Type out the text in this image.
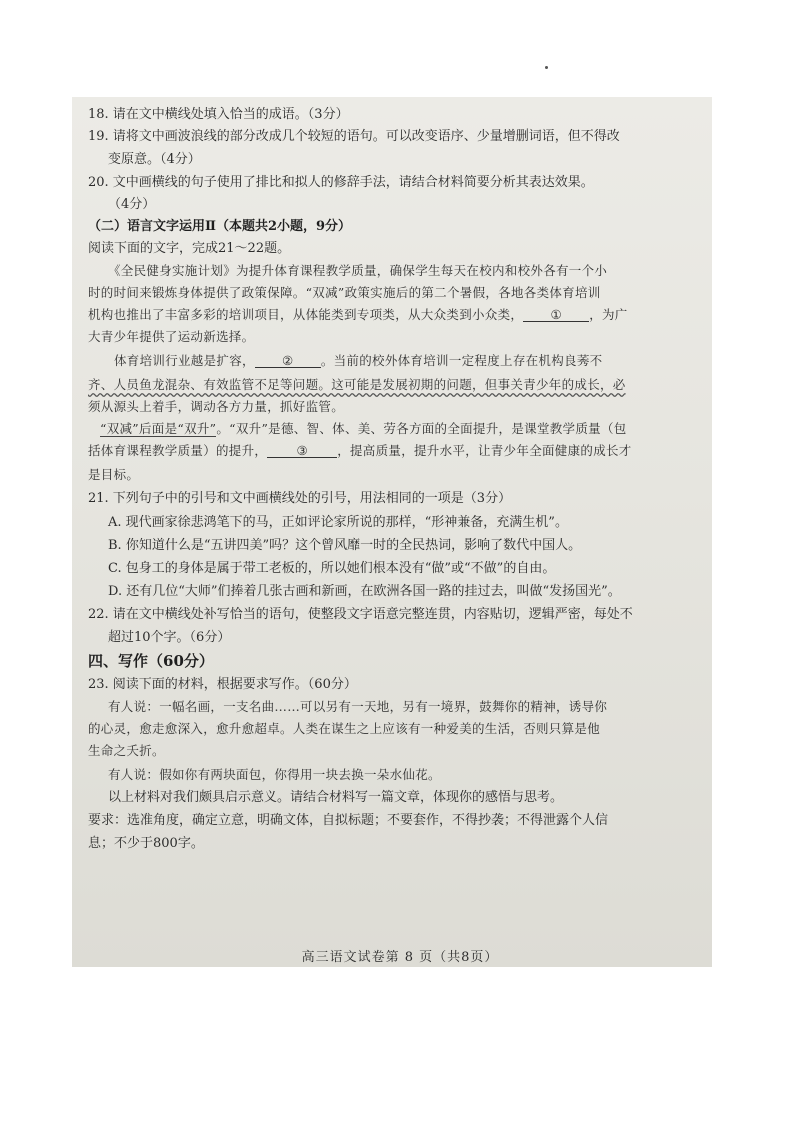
18. 请在文中横线处填入恰当的成语。（3分）
19. 请将文中画波浪线的部分改成几个较短的语句。可以改变语序、少量增删词语，但不得改
变原意。（4分）
20. 文中画横线的句子使用了排比和拟人的修辞手法，请结合材料简要分析其表达效果。
（4分）
（二）语言文字运用Ⅱ（本题共2小题，9分）
阅读下面的文字，完成21～22题。
《全民健身实施计划》为提升体育课程教学质量，确保学生每天在校内和校外各有一个小
时的时间来锻炼身体提供了政策保障。“双减”政策实施后的第二个暑假，各地各类体育培训
机构也推出了丰富多彩的培训项目，从体能类到专项类，从大众类到小众类， ① ，为广
大青少年提供了运动新选择。
体育培训行业越是扩容， ② 。当前的校外体育培训一定程度上存在机构良莠不
齐、人员鱼龙混杂、有效监管不足等问题。这可能是发展初期的问题，但事关青少年的成长，必
须从源头上着手，调动各方力量，抓好监管。
“双减”后面是“双升”。“双升”是德、智、体、美、劳各方面的全面提升，是课堂教学质量（包
括体育课程教学质量）的提升， ③ ，提高质量，提升水平，让青少年全面健康的成长才
是目标。
21. 下列句子中的引号和文中画横线处的引号，用法相同的一项是（3分）
A. 现代画家徐悲鸿笔下的马，正如评论家所说的那样，“形神兼备，充满生机”。
B. 你知道什么是“五讲四美”吗？这个曾风靡一时的全民热词，影响了数代中国人。
C. 包身工的身体是属于带工老板的，所以她们根本没有“做”或“不做”的自由。
D. 还有几位“大师”们捧着几张古画和新画，在欧洲各国一路的挂过去，叫做“发扬国光”。
22. 请在文中横线处补写恰当的语句，使整段文字语意完整连贯，内容贴切，逻辑严密，每处不
超过10个字。（6分）
四、写作（60分）
23. 阅读下面的材料，根据要求写作。（60分）
有人说：一幅名画，一支名曲……可以另有一天地，另有一境界，鼓舞你的精神，诱导你
的心灵，愈走愈深入，愈升愈超卓。人类在谋生之上应该有一种爱美的生活，否则只算是他
生命之夭折。
有人说：假如你有两块面包，你得用一块去换一朵水仙花。
以上材料对我们颇具启示意义。请结合材料写一篇文章，体现你的感悟与思考。
要求：选准角度，确定立意，明确文体，自拟标题；不要套作，不得抄袭；不得泄露个人信
息；不少于800字。
高三语文试卷第 8 页（共8页）
